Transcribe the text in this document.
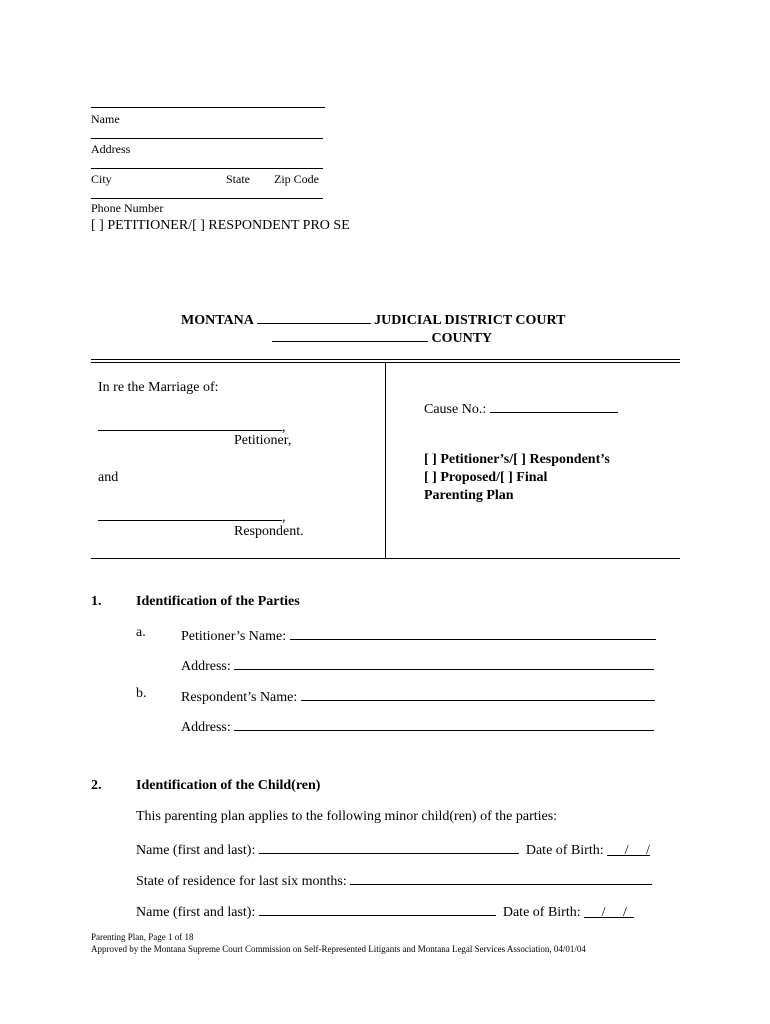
Name
Address
City	State Zip Code
Phone Number
[ ] PETITIONER/[ ] RESPONDENT PRO SE
MONTANA	JUDICIAL DISTRICT COURT
COUNTY
In re the Marriage of:
,
Petitioner,
and
,
Respondent.
Cause No.:
[ ] Petitioner’s/[ ] Respondent’s
[ ] Proposed/[ ] Final
Parenting Plan
1. Identification of the Parties
a.	Petitioner’s Name:
Address:
b. Respondent’s Name:
Address:
2. Identification of the Child(ren)
This parenting plan applies to the following minor child(ren) of the parties:
Name (first and last):	Date of Birth:      /     /
State of residence for last six months:
Name (first and last):	Date of Birth:      /     /
Parenting Plan, Page 1 of 18
Approved by the Montana Supreme Court Commission on Self-Represented Litigants and Montana Legal Services Association, 04/01/04
